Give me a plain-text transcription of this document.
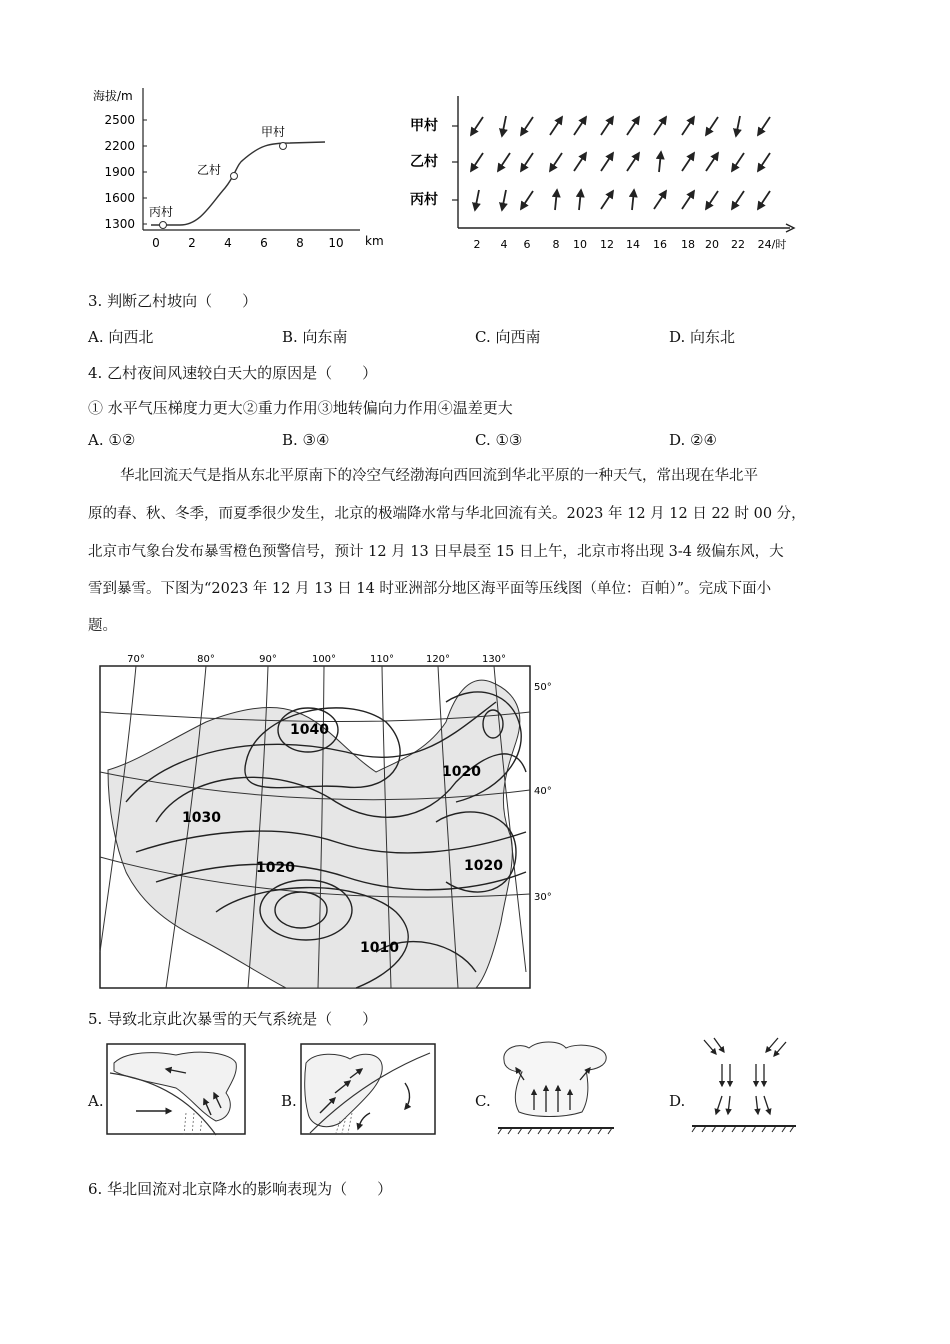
海拔/m
2500
2200
1900
1600
1300
0 2 4 6 8 10 km
丙村
乙村
甲村	甲村
乙村
丙村
2 4 6 8 10 12 14 16 18 20 22 24/时
3. 判断乙村坡向（　　）
A. 向西北	B. 向东南	C. 向西南	D. 向东北
4. 乙村夜间风速较白天大的原因是（　　）
① 水平气压梯度力更大②重力作用③地转偏向力作用④温差更大
A. ①②	B. ③④	C. ①③	D. ②④
华北回流天气是指从东北平原南下的冷空气经渤海向西回流到华北平原的一种天气，常出现在华北平
原的春、秋、冬季，而夏季很少发生，北京的极端降水常与华北回流有关。2023 年 12 月 12 日 22 时 00 分，
北京市气象台发布暴雪橙色预警信号，预计 12 月 13 日早晨至 15 日上午，北京市将出现 3-4 级偏东风，大
雪到暴雪。下图为“2023 年 12 月 13 日 14 时亚洲部分地区海平面等压线图（单位：百帕）”。完成下面小
题。
70°	80°	90°	100°	110°	120°	130°
50°
40°
30°
1040
1030
1020
1020
1020
1010
5. 导致北京此次暴雪的天气系统是（　　）
A.	B.	C.	D.
6. 华北回流对北京降水的影响表现为（　　）
